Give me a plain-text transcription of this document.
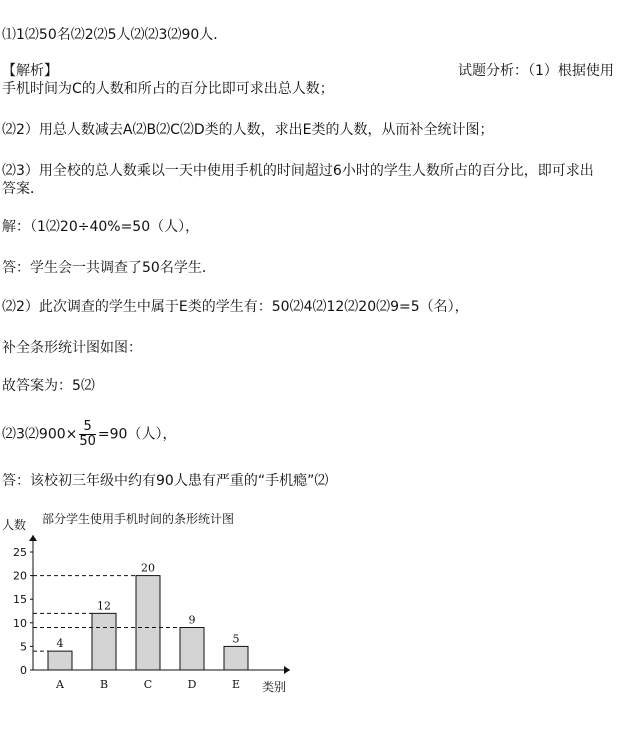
⑴1⑵50名⑵2⑵5人⑵⑵3⑵90人．
【解析】	试题分析：（1）根据使用
手机时间为C的人数和所占的百分比即可求出总人数；
⑵2）用总人数减去A⑵B⑵C⑵D类的人数，求出E类的人数，从而补全统计图；
⑵3）用全校的总人数乘以一天中使用手机的时间超过6小时的学生人数所占的百分比，即可求出
答案．
解：（1⑵20÷40%=50（人），
答：学生会一共调查了50名学生．
⑵2）此次调查的学生中属于E类的学生有：50⑵4⑵12⑵20⑵9=5（名），
补全条形统计图如图：
故答案为：5⑵
⑵3⑵900× $\frac{5}{50} =90$（人），
答：该校初三年级中约有90人患有严重的“手机瘾”⑵
部分学生使用手机时间的条形统计图
人数
类别
0
5
10
15
20
25
4
A
12
B
20
C
9
D
5
E
